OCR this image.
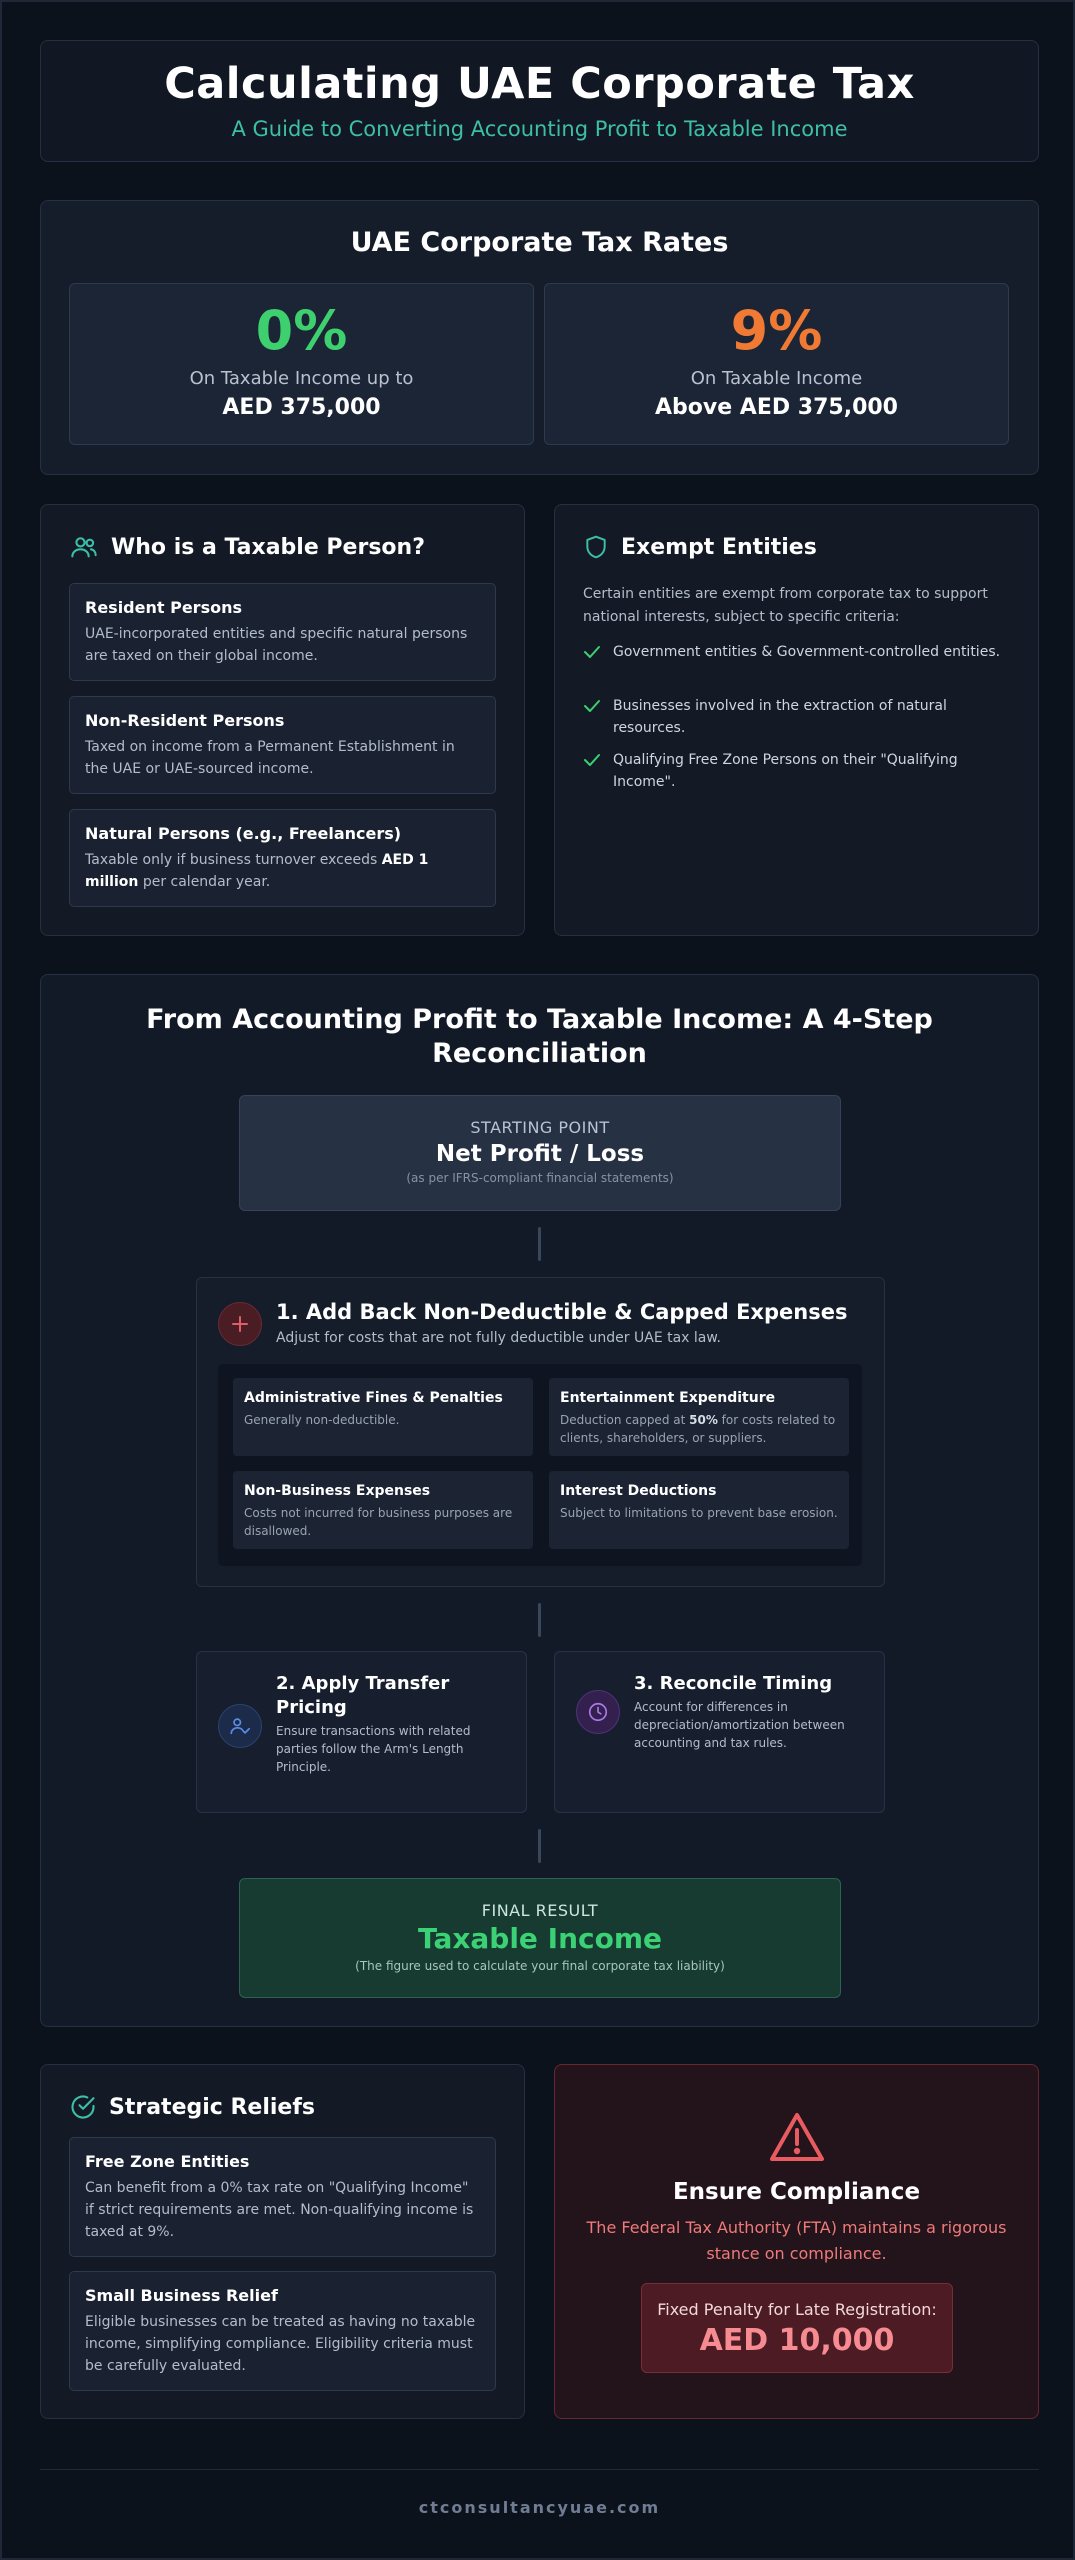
Calculating UAE Corporate Tax
A Guide to Converting Accounting Profit to Taxable Income
UAE Corporate Tax Rates
0%
On Taxable Income up to
AED 375,000
9%
On Taxable Income
Above AED 375,000
Who is a Taxable Person?
Resident Persons
UAE-incorporated entities and specific natural persons are taxed on their global income.
Non-Resident Persons
Taxed on income from a Permanent Establishment in the UAE or UAE-sourced income.
Natural Persons (e.g., Freelancers)
Taxable only if business turnover exceeds AED 1 million per calendar year.
Exempt Entities
Certain entities are exempt from corporate tax to support national interests, subject to specific criteria:
Government entities & Government-controlled entities.
Businesses involved in the extraction of natural resources.
Qualifying Free Zone Persons on their "Qualifying Income".
From Accounting Profit to Taxable Income: A 4-Step Reconciliation
STARTING POINT
Net Profit / Loss
(as per IFRS-compliant financial statements)
1. Add Back Non-Deductible & Capped Expenses
Adjust for costs that are not fully deductible under UAE tax law.
Administrative Fines & Penalties
Generally non-deductible.
Entertainment Expenditure
Deduction capped at 50% for costs related to clients, shareholders, or suppliers.
Non-Business Expenses
Costs not incurred for business purposes are disallowed.
Interest Deductions
Subject to limitations to prevent base erosion.
2. Apply Transfer Pricing
Ensure transactions with related parties follow the Arm's Length Principle.
3. Reconcile Timing
Account for differences in depreciation/amortization between accounting and tax rules.
FINAL RESULT
Taxable Income
(The figure used to calculate your final corporate tax liability)
Strategic Reliefs
Free Zone Entities
Can benefit from a 0% tax rate on "Qualifying Income" if strict requirements are met. Non-qualifying income is taxed at 9%.
Small Business Relief
Eligible businesses can be treated as having no taxable income, simplifying compliance. Eligibility criteria must be carefully evaluated.
Ensure Compliance
The Federal Tax Authority (FTA) maintains a rigorous stance on compliance.
Fixed Penalty for Late Registration:
AED 10,000
ctconsultancyuae.com
